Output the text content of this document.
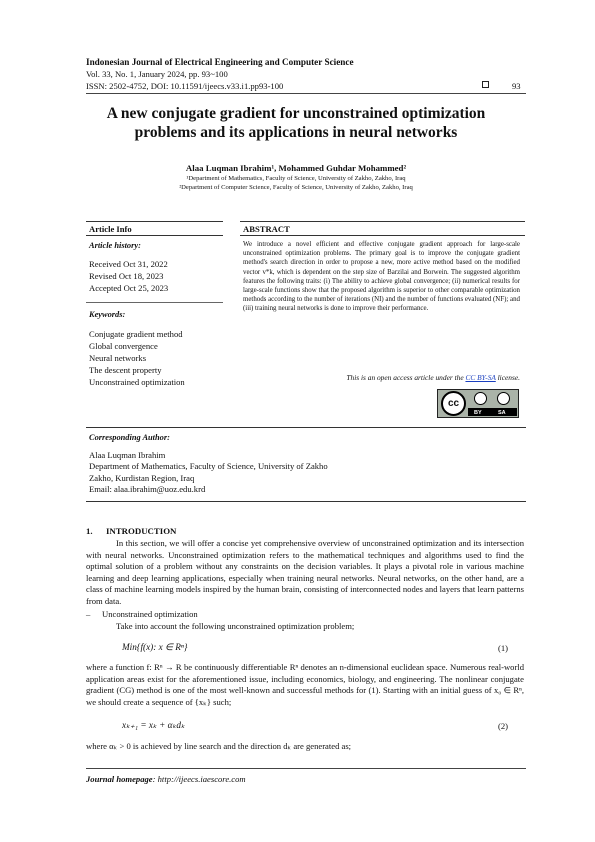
Indonesian Journal of Electrical Engineering and Computer Science
Vol. 33, No. 1, January 2024, pp. 93~100
ISSN: 2502-4752, DOI: 10.11591/ijeecs.v33.i1.pp93-100	93
A new conjugate gradient for unconstrained optimization
problems and its applications in neural networks
Alaa Luqman Ibrahim¹, Mohammed Guhdar Mohammed²
¹Department of Mathematics, Faculty of Science, University of Zakho, Zakho, Iraq
²Department of Computer Science, Faculty of Science, University of Zakho, Zakho, Iraq
Article Info
Article history:
Received Oct 31, 2022
Revised Oct 18, 2023
Accepted Oct 25, 2023
Keywords:
Conjugate gradient method
Global convergence
Neural networks
The descent property
Unconstrained optimization
ABSTRACT
We introduce a novel efficient and effective conjugate gradient approach for large-scale unconstrained optimization problems. The primary goal is to improve the conjugate gradient method's search direction in order to propose a new, more active method based on the modified vector v*k, which is dependent on the step size of Barzilai and Borwein. The suggested algorithm features the following traits: (i) The ability to achieve global convergence; (ii) numerical results for large-scale functions show that the proposed algorithm is superior to other comparable optimization methods according to the number of iterations (NI) and the number of functions evaluated (NF); and (iii) training neural networks is done to improve their performance.
This is an open access article under the CC BY-SA license.
cc
BY	SA
Corresponding Author:
Alaa Luqman Ibrahim
Department of Mathematics, Faculty of Science, University of Zakho
Zakho, Kurdistan Region, Iraq
Email: alaa.ibrahim@uoz.edu.krd
1. INTRODUCTION
In this section, we will offer a concise yet comprehensive overview of unconstrained optimization and its intersection with neural networks. Unconstrained optimization refers to the mathematical techniques and algorithms used to find the optimal solution of a problem without any constraints on the decision variables. It plays a pivotal role in various machine learning and deep learning applications, especially when training neural networks. Neural networks, on the other hand, are a class of machine learning models inspired by the human brain, consisting of interconnected nodes and layers that learn patterns from data.
– Unconstrained optimization
Take into account the following unconstrained optimization problem;
Min{f(x): x ∈ Rⁿ}	(1)
where a function f: Rⁿ → R be continuously differentiable Rⁿ denotes an n-dimensional euclidean space. Numerous real-world application areas exist for the aforementioned issue, including economics, biology, and engineering. The nonlinear conjugate gradient (CG) method is one of the most well-known and successful methods for (1). Starting with an initial guess of x₀ ∈ Rⁿ, we should create a sequence of {xₖ} such;
xₖ₊₁ = xₖ + αₖdₖ	(2)
where αₖ > 0 is achieved by line search and the direction dₖ are generated as;
Journal homepage: http://ijeecs.iaescore.com
